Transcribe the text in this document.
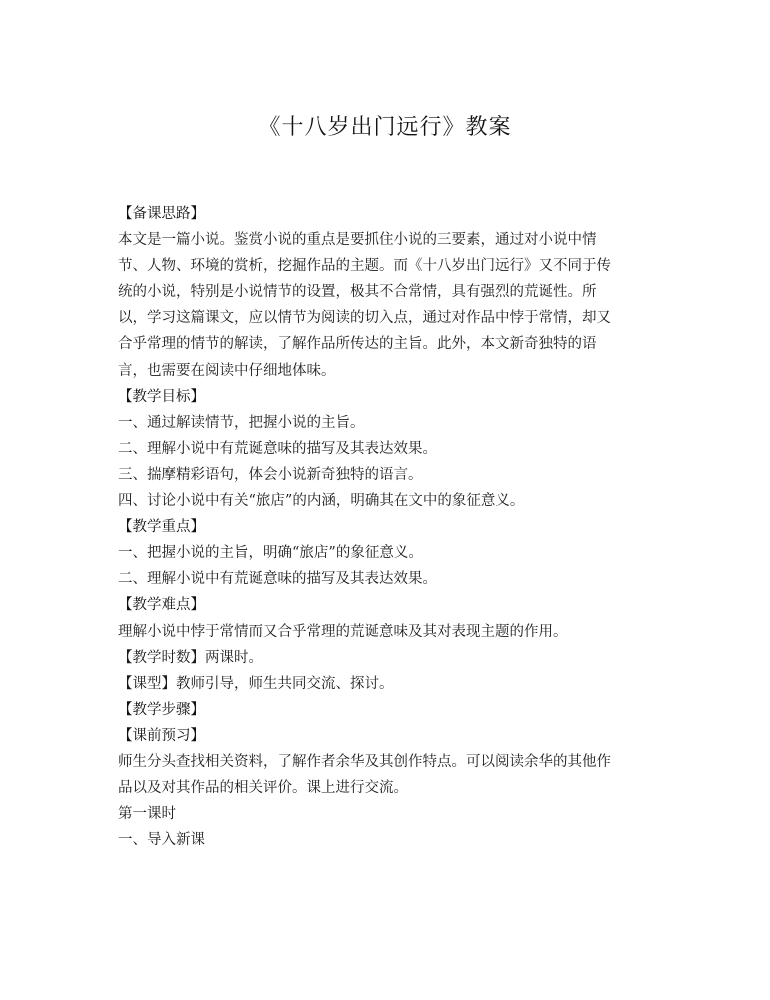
《十八岁出门远行》教案
【备课思路】
本文是一篇小说。鉴赏小说的重点是要抓住小说的三要素，通过对小说中情
节、人物、环境的赏析，挖掘作品的主题。而《十八岁出门远行》又不同于传
统的小说，特别是小说情节的设置，极其不合常情，具有强烈的荒诞性。所
以，学习这篇课文，应以情节为阅读的切入点，通过对作品中悖于常情，却又
合乎常理的情节的解读，了解作品所传达的主旨。此外，本文新奇独特的语
言，也需要在阅读中仔细地体味。
【教学目标】
一、通过解读情节，把握小说的主旨。
二、理解小说中有荒诞意味的描写及其表达效果。
三、揣摩精彩语句，体会小说新奇独特的语言。
四、讨论小说中有关“旅店”的内涵，明确其在文中的象征意义。
【教学重点】
一、把握小说的主旨，明确“旅店”的象征意义。
二、理解小说中有荒诞意味的描写及其表达效果。
【教学难点】
理解小说中悖于常情而又合乎常理的荒诞意味及其对表现主题的作用。
【教学时数】两课时。
【课型】教师引导，师生共同交流、探讨。
【教学步骤】
【课前预习】
师生分头查找相关资料，了解作者余华及其创作特点。可以阅读余华的其他作
品以及对其作品的相关评价。课上进行交流。
第一课时
一、导入新课
